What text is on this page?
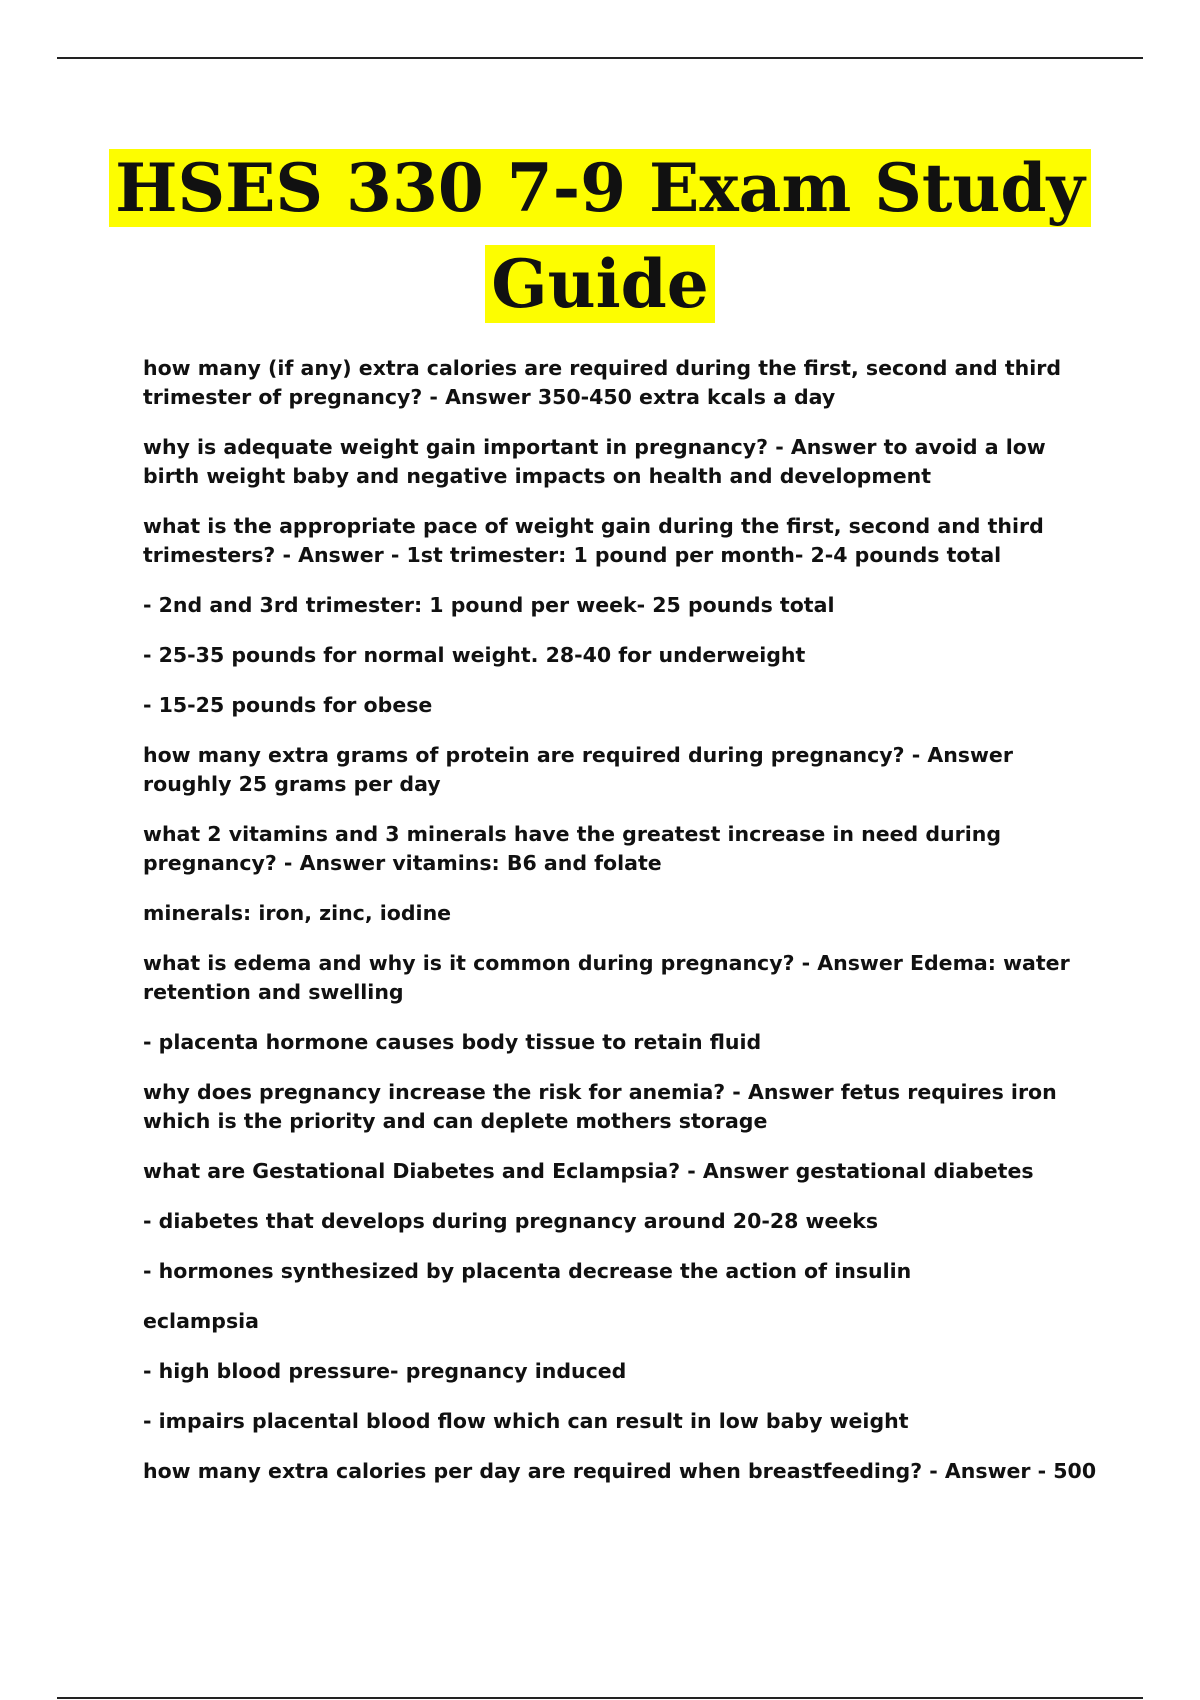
HSES 330 7-9 Exam Study
Guide

how many (if any) extra calories are required during the first, second and third trimester of pregnancy? - Answer 350-450 extra kcals a day

why is adequate weight gain important in pregnancy? - Answer to avoid a low birth weight baby and negative impacts on health and development

what is the appropriate pace of weight gain during the first, second and third trimesters? - Answer - 1st trimester: 1 pound per month- 2-4 pounds total

- 2nd and 3rd trimester: 1 pound per week- 25 pounds total

- 25-35 pounds for normal weight. 28-40 for underweight

- 15-25 pounds for obese

how many extra grams of protein are required during pregnancy? - Answer roughly 25 grams per day

what 2 vitamins and 3 minerals have the greatest increase in need during pregnancy? - Answer vitamins: B6 and folate

minerals: iron, zinc, iodine

what is edema and why is it common during pregnancy? - Answer Edema: water retention and swelling

- placenta hormone causes body tissue to retain fluid

why does pregnancy increase the risk for anemia? - Answer fetus requires iron which is the priority and can deplete mothers storage

what are Gestational Diabetes and Eclampsia? - Answer gestational diabetes

- diabetes that develops during pregnancy around 20-28 weeks

- hormones synthesized by placenta decrease the action of insulin

eclampsia

- high blood pressure- pregnancy induced

- impairs placental blood flow which can result in low baby weight

how many extra calories per day are required when breastfeeding? - Answer - 500
